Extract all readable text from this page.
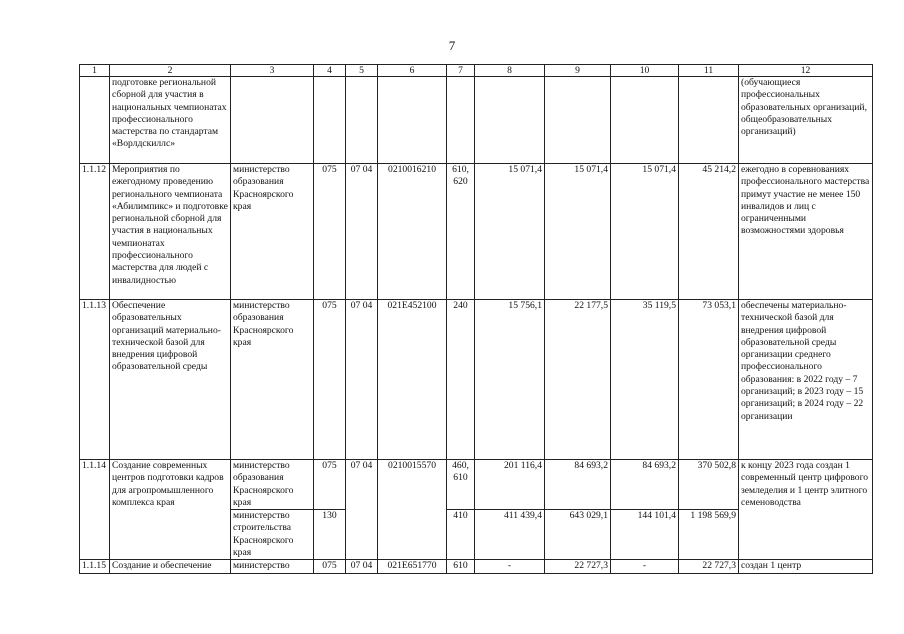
7
1	2	3	4	5	6	7	8	9	10	11	12
	подготовке региональной сборной для участия в национальных чемпионатах профессионального мастерства по стандартам «Ворлдскиллс»										(обучающиеся профессиональных образовательных организаций, общеобразовательных организаций)
1.1.12	Мероприятия по ежегодному проведению регионального чемпионата «Абилимпикс» и подготовке региональной сборной для участия в национальных чемпионатах профессионального мастерства для людей с инвалидностью	министерство образования Красноярского края	075	07 04	0210016210	610, 620	15 071,4	15 071,4	15 071,4	45 214,2	ежегодно в соревнованиях профессионального мастерства примут участие не менее 150 инвалидов и лиц с ограниченными возможностями здоровья
1.1.13	Обеспечение образовательных организаций материально-технической базой для внедрения цифровой образовательной среды	министерство образования Красноярского края	075	07 04	021E452100	240	15 756,1	22 177,5	35 119,5	73 053,1	обеспечены материально-технической базой для внедрения цифровой образовательной среды организации среднего профессионального образования: в 2022 году – 7 организаций; в 2023 году – 15 организаций; в 2024 году – 22 организации
1.1.14	Создание современных центров подготовки кадров для агропромышленного комплекса края	министерство образования Красноярского края	075	07 04	0210015570	460, 610	201 116,4	84 693,2	84 693,2	370 502,8	к концу 2023 года создан 1 современный центр цифрового земледелия и 1 центр элитного семеноводства
		министерство строительства Красноярского края	130			410	411 439,4	643 029,1	144 101,4	1 198 569,9	
1.1.15	Создание и обеспечение	министерство	075	07 04	021E651770	610	-	22 727,3	-	22 727,3	создан 1 центр
